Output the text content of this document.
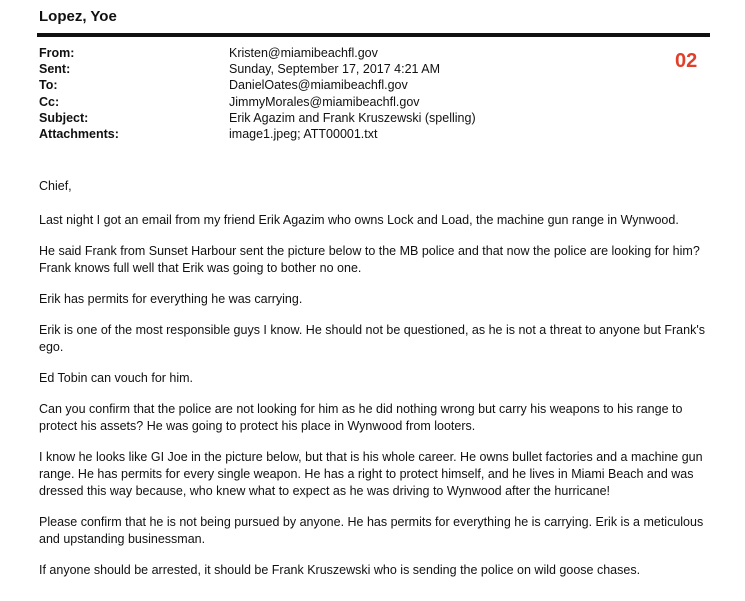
Lopez, Yoe
From:	Kristen@miamibeachfl.gov
Sent:	Sunday, September 17, 2017 4:21 AM
To:	DanielOates@miamibeachfl.gov
Cc:	JimmyMorales@miamibeachfl.gov
Subject:	Erik Agazim and Frank Kruszewski (spelling)
Attachments:	image1.jpeg; ATT00001.txt
02

Chief,

Last night I got an email from my friend Erik Agazim who owns Lock and Load, the machine gun range in Wynwood.

He said Frank from Sunset Harbour sent the picture below to the MB police and that now the police are looking for him? Frank knows full well that Erik was going to bother no one.

Erik has permits for everything he was carrying.

Erik is one of the most responsible guys I know. He should not be questioned, as he is not a threat to anyone but Frank's ego.

Ed Tobin can vouch for him.

Can you confirm that the police are not looking for him as he did nothing wrong but carry his weapons to his range to protect his assets? He was going to protect his place in Wynwood from looters.

I know he looks like GI Joe in the picture below, but that is his whole career. He owns bullet factories and a machine gun range. He has permits for every single weapon. He has a right to protect himself, and he lives in Miami Beach and was dressed this way because, who knew what to expect as he was driving to Wynwood after the hurricane!

Please confirm that he is not being pursued by anyone. He has permits for everything he is carrying. Erik is a meticulous and upstanding businessman.

If anyone should be arrested, it should be Frank Kruszewski who is sending the police on wild goose chases.
